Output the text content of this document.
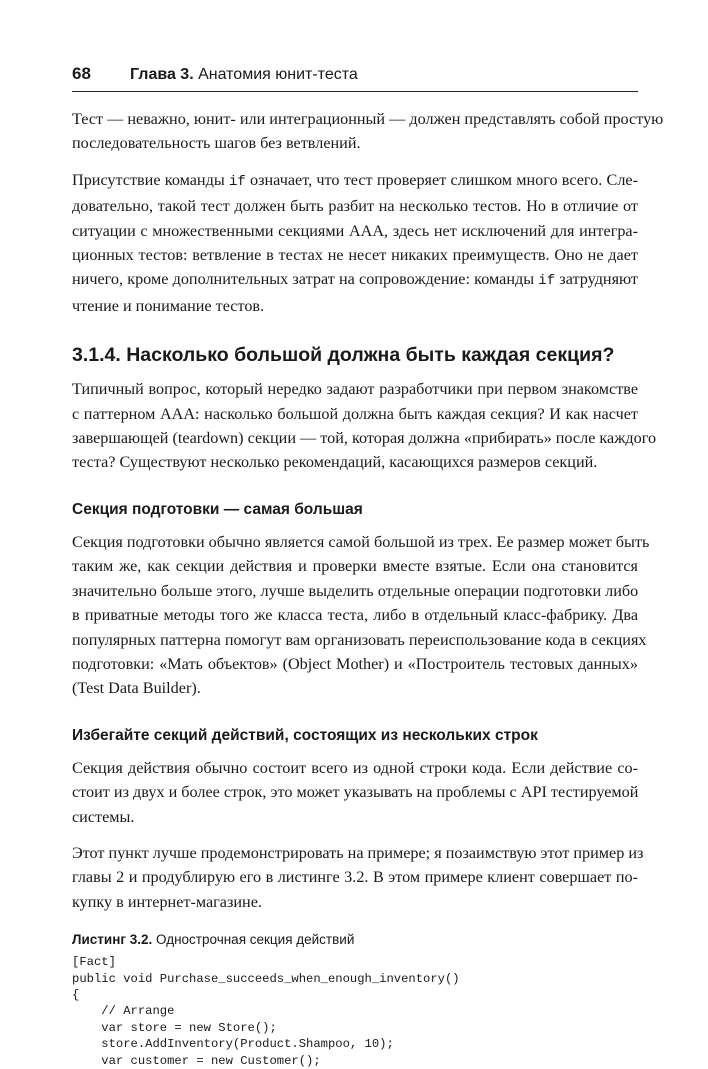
68 Глава 3. Анатомия юнит-теста

Тест — неважно, юнит- или интеграционный — должен представлять собой простую
последовательность шагов без ветвлений.

Присутствие команды if означает, что тест проверяет слишком много всего. Сле-
довательно, такой тест должен быть разбит на несколько тестов. Но в отличие от
ситуации с множественными секциями AAA, здесь нет исключений для интегра-
ционных тестов: ветвление в тестах не несет никаких преимуществ. Оно не дает
ничего, кроме дополнительных затрат на сопровождение: команды if затрудняют
чтение и понимание тестов.

3.1.4. Насколько большой должна быть каждая секция?

Типичный вопрос, который нередко задают разработчики при первом знакомстве
с паттерном AAA: насколько большой должна быть каждая секция? И как насчет
завершающей (teardown) секции — той, которая должна «прибирать» после каждого
теста? Существуют несколько рекомендаций, касающихся размеров секций.

Секция подготовки — самая большая

Секция подготовки обычно является самой большой из трех. Ее размер может быть
таким же, как секции действия и проверки вместе взятые. Если она становится
значительно больше этого, лучше выделить отдельные операции подготовки либо
в приватные методы того же класса теста, либо в отдельный класс-фабрику. Два
популярных паттерна помогут вам организовать переиспользование кода в секциях
подготовки: «Мать объектов» (Object Mother) и «Построитель тестовых данных»
(Test Data Builder).

Избегайте секций действий, состоящих из нескольких строк

Секция действия обычно состоит всего из одной строки кода. Если действие со-
стоит из двух и более строк, это может указывать на проблемы с API тестируемой
системы.

Этот пункт лучше продемонстрировать на примере; я позаимствую этот пример из
главы 2 и продублирую его в листинге 3.2. В этом примере клиент совершает по-
купку в интернет-магазине.

Листинг 3.2. Однострочная секция действий
[Fact]
public void Purchase_succeeds_when_enough_inventory()
{
// Arrange
var store = new Store();
store.AddInventory(Product.Shampoo, 10);
var customer = new Customer();
